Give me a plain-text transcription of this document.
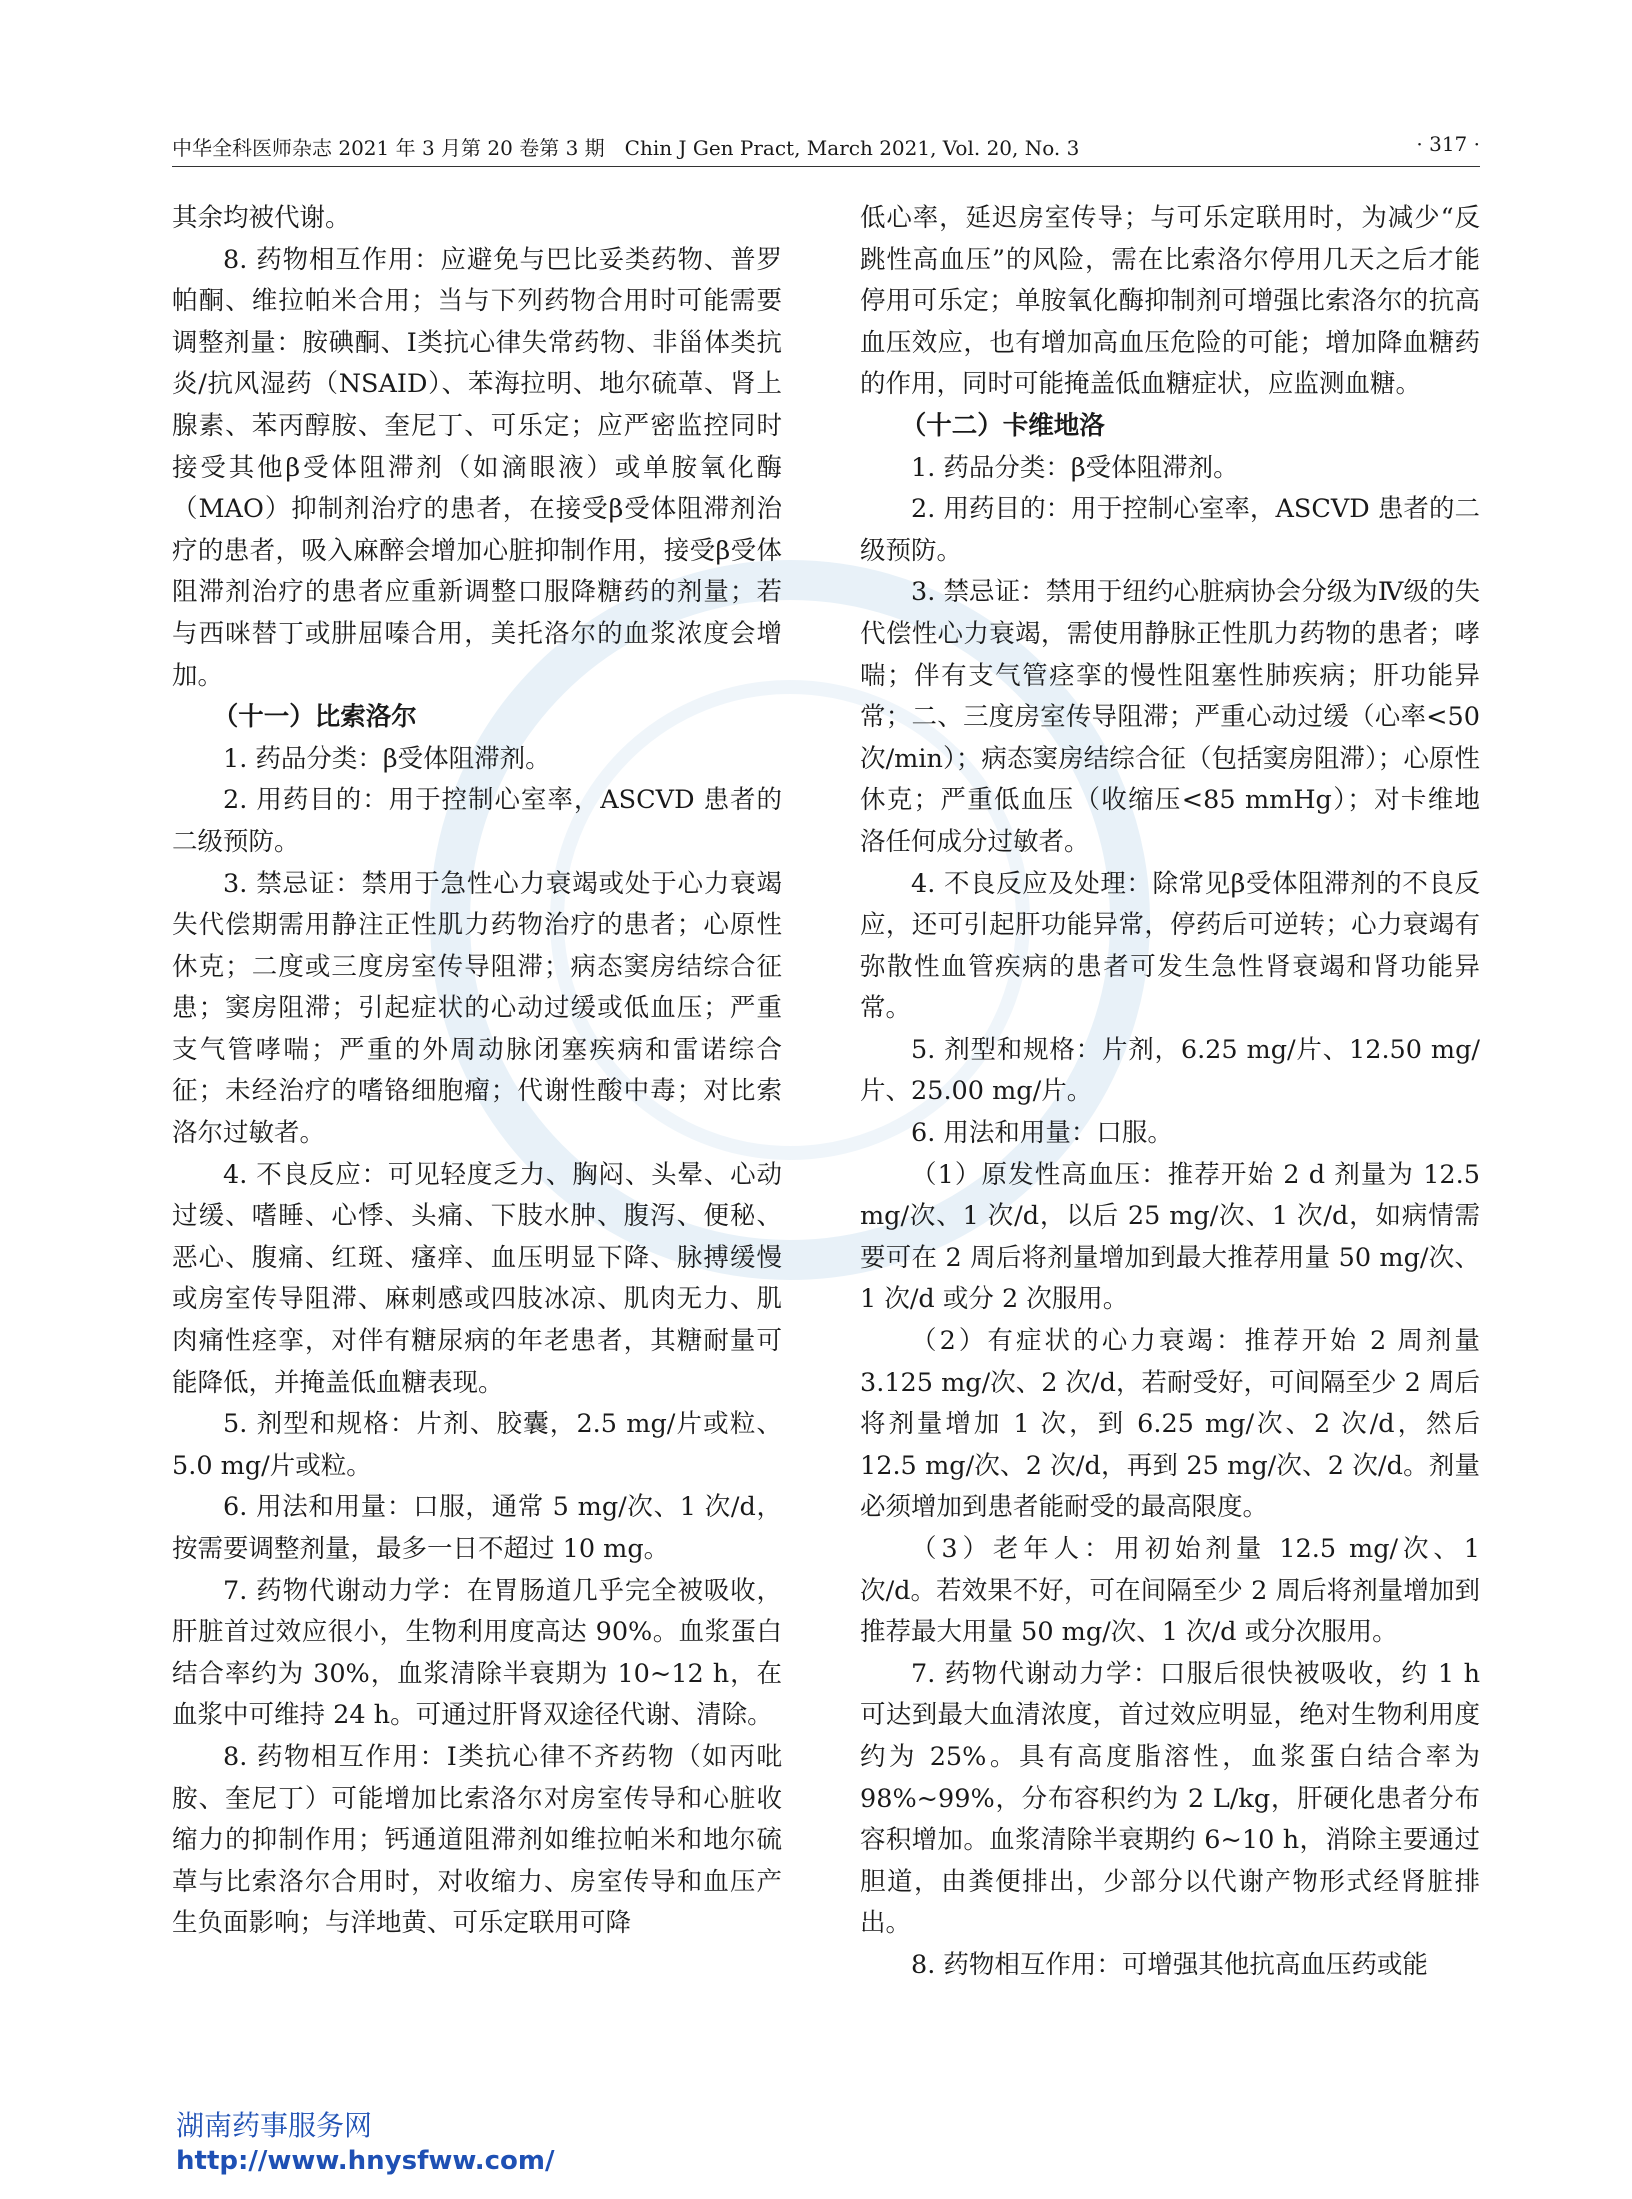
中华全科医师杂志 2021 年 3 月第 20 卷第 3 期　Chin J Gen Pract, March 2021, Vol. 20, No. 3	· 317 ·

其余均被代谢。

8. 药物相互作用：应避免与巴比妥类药物、普罗帕酮、维拉帕米合用；当与下列药物合用时可能需要调整剂量：胺碘酮、Ⅰ类抗心律失常药物、非甾体类抗炎/抗风湿药（NSAID）、苯海拉明、地尔硫䓬、肾上腺素、苯丙醇胺、奎尼丁、可乐定；应严密监控同时接受其他β受体阻滞剂（如滴眼液）或单胺氧化酶（MAO）抑制剂治疗的患者，在接受β受体阻滞剂治疗的患者，吸入麻醉会增加心脏抑制作用，接受β受体阻滞剂治疗的患者应重新调整口服降糖药的剂量；若与西咪替丁或肼屈嗪合用，美托洛尔的血浆浓度会增加。

（十一）比索洛尔

1. 药品分类：β受体阻滞剂。

2. 用药目的：用于控制心室率，ASCVD 患者的二级预防。

3. 禁忌证：禁用于急性心力衰竭或处于心力衰竭失代偿期需用静注正性肌力药物治疗的患者；心原性休克；二度或三度房室传导阻滞；病态窦房结综合征患；窦房阻滞；引起症状的心动过缓或低血压；严重支气管哮喘；严重的外周动脉闭塞疾病和雷诺综合征；未经治疗的嗜铬细胞瘤；代谢性酸中毒；对比索洛尔过敏者。

4. 不良反应：可见轻度乏力、胸闷、头晕、心动过缓、嗜睡、心悸、头痛、下肢水肿、腹泻、便秘、恶心、腹痛、红斑、瘙痒、血压明显下降、脉搏缓慢或房室传导阻滞、麻刺感或四肢冰凉、肌肉无力、肌肉痛性痉挛，对伴有糖尿病的年老患者，其糖耐量可能降低，并掩盖低血糖表现。

5. 剂型和规格：片剂、胶囊，2.5 mg/片或粒、5.0 mg/片或粒。

6. 用法和用量：口服，通常 5 mg/次、1 次/d，按需要调整剂量，最多一日不超过 10 mg。

7. 药物代谢动力学：在胃肠道几乎完全被吸收，肝脏首过效应很小，生物利用度高达 90%。血浆蛋白结合率约为 30%，血浆清除半衰期为 10~12 h，在血浆中可维持 24 h。可通过肝肾双途径代谢、清除。

8. 药物相互作用：Ⅰ类抗心律不齐药物（如丙吡胺、奎尼丁）可能增加比索洛尔对房室传导和心脏收缩力的抑制作用；钙通道阻滞剂如维拉帕米和地尔硫䓬与比索洛尔合用时，对收缩力、房室传导和血压产生负面影响；与洋地黄、可乐定联用可降

低心率，延迟房室传导；与可乐定联用时，为减少“反跳性高血压”的风险，需在比索洛尔停用几天之后才能停用可乐定；单胺氧化酶抑制剂可增强比索洛尔的抗高血压效应，也有增加高血压危险的可能；增加降血糖药的作用，同时可能掩盖低血糖症状，应监测血糖。

（十二）卡维地洛

1. 药品分类：β受体阻滞剂。

2. 用药目的：用于控制心室率，ASCVD 患者的二级预防。

3. 禁忌证：禁用于纽约心脏病协会分级为Ⅳ级的失代偿性心力衰竭，需使用静脉正性肌力药物的患者；哮喘；伴有支气管痉挛的慢性阻塞性肺疾病；肝功能异常；二、三度房室传导阻滞；严重心动过缓（心率<50 次/min）；病态窦房结综合征（包括窦房阻滞）；心原性休克；严重低血压（收缩压<85 mmHg）；对卡维地洛任何成分过敏者。

4. 不良反应及处理：除常见β受体阻滞剂的不良反应，还可引起肝功能异常，停药后可逆转；心力衰竭有弥散性血管疾病的患者可发生急性肾衰竭和肾功能异常。

5. 剂型和规格：片剂，6.25 mg/片、12.50 mg/片、25.00 mg/片。

6. 用法和用量：口服。

（1）原发性高血压：推荐开始 2 d 剂量为 12.5 mg/次、1 次/d，以后 25 mg/次、1 次/d，如病情需要可在 2 周后将剂量增加到最大推荐用量 50 mg/次、1 次/d 或分 2 次服用。

（2）有症状的心力衰竭：推荐开始 2 周剂量 3.125 mg/次、2 次/d，若耐受好，可间隔至少 2 周后将剂量增加 1 次，到 6.25 mg/次、2 次/d，然后 12.5 mg/次、2 次/d，再到 25 mg/次、2 次/d。剂量必须增加到患者能耐受的最高限度。

（3）老年人：用初始剂量 12.5 mg/次、1 次/d。若效果不好，可在间隔至少 2 周后将剂量增加到推荐最大用量 50 mg/次、1 次/d 或分次服用。

7. 药物代谢动力学：口服后很快被吸收，约 1 h 可达到最大血清浓度，首过效应明显，绝对生物利用度约为 25%。具有高度脂溶性，血浆蛋白结合率为 98%~99%，分布容积约为 2 L/kg，肝硬化患者分布容积增加。血浆清除半衰期约 6~10 h，消除主要通过胆道，由粪便排出，少部分以代谢产物形式经肾脏排出。

8. 药物相互作用：可增强其他抗高血压药或能

湖南药事服务网
http://www.hnysfww.com/
